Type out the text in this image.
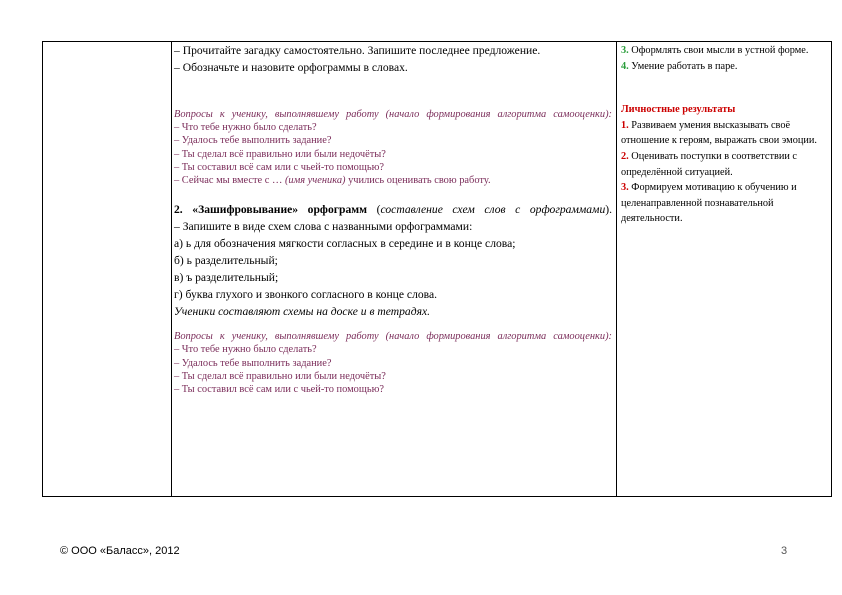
– Прочитайте загадку самостоятельно. Запишите последнее предложение.
– Обозначьте и назовите орфограммы в словах.
Вопросы к ученику, выполнявшему работу (начало формирования алгоритма самооценки):
– Что тебе нужно было сделать?
– Удалось тебе выполнить задание?
– Ты сделал всё правильно или были недочёты?
– Ты составил всё сам или с чьей-то помощью?
– Сейчас мы вместе с … (имя ученика) учились оценивать свою работу.
2. «Зашифровывание» орфограмм (составление схем слов с орфограммами).
– Запишите в виде схем слова с названными орфограммами:
а) ь для обозначения мягкости согласных в середине и в конце слова;
б) ь разделительный;
в) ъ разделительный;
г) буква глухого и звонкого согласного в конце слова.
Ученики составляют схемы на доске и в тетрадях.
Вопросы к ученику, выполнявшему работу (начало формирования алгоритма самооценки):
– Что тебе нужно было сделать?
– Удалось тебе выполнить задание?
– Ты сделал всё правильно или были недочёты?
– Ты составил всё сам или с чьей-то помощью?
3. Оформлять свои мысли в устной форме.
4. Умение работать в паре.
Личностные результаты
1. Развиваем умения высказывать своё отношение к героям, выражать свои эмоции.
2. Оценивать поступки в соответствии с определённой ситуацией.
3. Формируем мотивацию к обучению и целенаправленной познавательной деятельности.
© ООО «Баласс», 2012	3
